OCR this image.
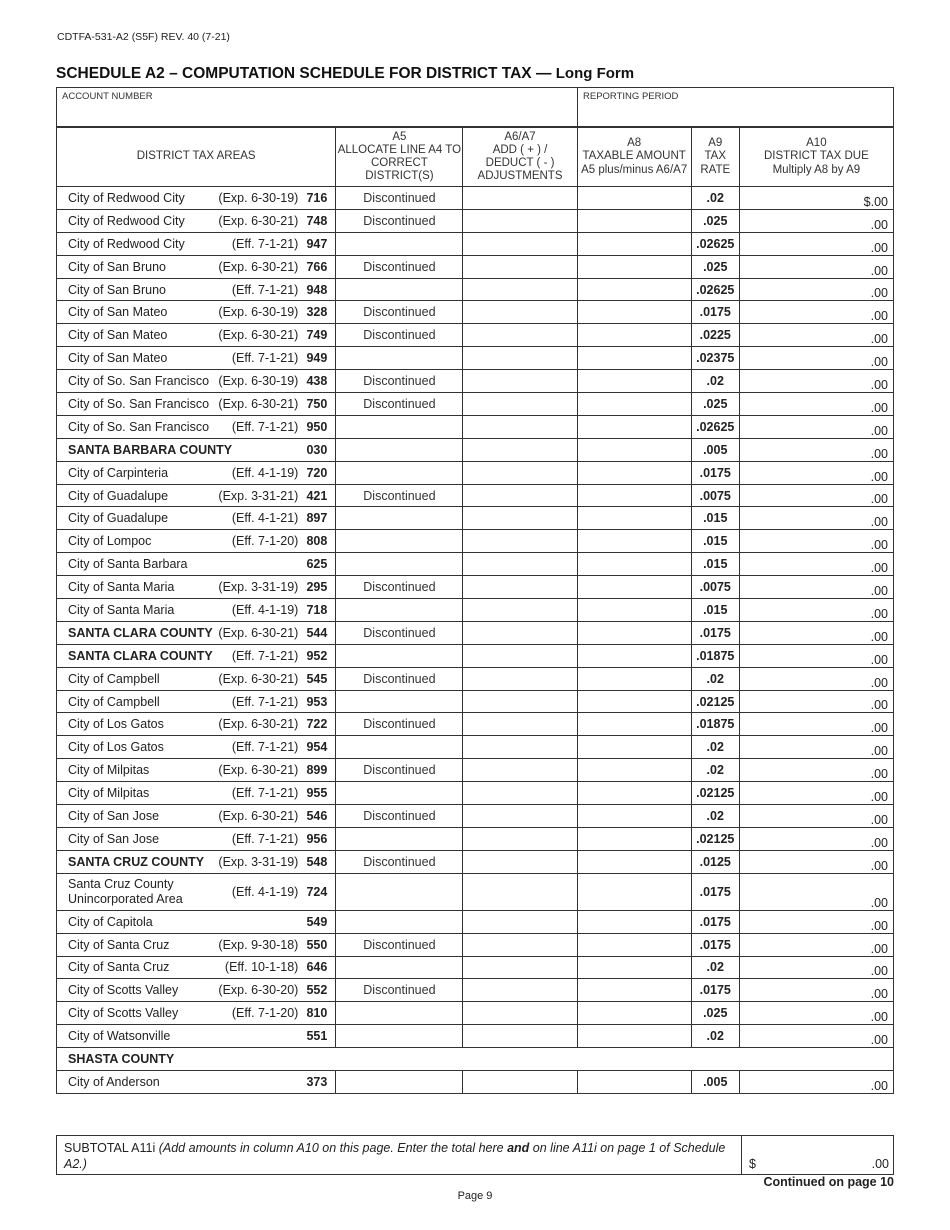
CDTFA-531-A2 (S5F) REV. 40 (7-21)
SCHEDULE A2 – COMPUTATION SCHEDULE FOR DISTRICT TAX — Long Form
ACCOUNT NUMBER	REPORTING PERIOD
DISTRICT TAX AREAS	A5
ALLOCATE LINE A4 TO
CORRECT DISTRICT(S)	A6/A7
ADD ( + ) /
DEDUCT ( - )
ADJUSTMENTS	A8
TAXABLE AMOUNT
A5 plus/minus A6/A7	A9
TAX
RATE	A10
DISTRICT TAX DUE
Multiply A8 by A9

City of Redwood City (Exp. 6-30-19) 716	Discontinued			.02	$.00

City of Redwood City (Exp. 6-30-21) 748	Discontinued			.025	.00

City of Redwood City (Eff. 7-1-21) 947				.02625	.00

City of San Bruno (Exp. 6-30-21) 766	Discontinued			.025	.00

City of San Bruno (Eff. 7-1-21) 948				.02625	.00

City of San Mateo (Exp. 6-30-19) 328	Discontinued			.0175	.00

City of San Mateo (Exp. 6-30-21) 749	Discontinued			.0225	.00

City of San Mateo (Eff. 7-1-21) 949				.02375	.00

City of So. San Francisco (Exp. 6-30-19) 438	Discontinued			.02	.00

City of So. San Francisco (Exp. 6-30-21) 750	Discontinued			.025	.00

City of So. San Francisco (Eff. 7-1-21) 950				.02625	.00

SANTA BARBARA COUNTY 030				.005	.00

City of Carpinteria (Eff. 4-1-19) 720				.0175	.00

City of Guadalupe (Exp. 3-31-21) 421	Discontinued			.0075	.00

City of Guadalupe (Eff. 4-1-21) 897				.015	.00

City of Lompoc (Eff. 7-1-20) 808				.015	.00

City of Santa Barbara 625				.015	.00

City of Santa Maria (Exp. 3-31-19) 295	Discontinued			.0075	.00

City of Santa Maria (Eff. 4-1-19) 718				.015	.00

SANTA CLARA COUNTY (Exp. 6-30-21) 544	Discontinued			.0175	.00

SANTA CLARA COUNTY (Eff. 7-1-21) 952				.01875	.00

City of Campbell (Exp. 6-30-21) 545	Discontinued			.02	.00

City of Campbell (Eff. 7-1-21) 953				.02125	.00

City of Los Gatos (Exp. 6-30-21) 722	Discontinued			.01875	.00

City of Los Gatos (Eff. 7-1-21) 954				.02	.00

City of Milpitas (Exp. 6-30-21) 899	Discontinued			.02	.00

City of Milpitas (Eff. 7-1-21) 955				.02125	.00

City of San Jose (Exp. 6-30-21) 546	Discontinued			.02	.00

City of San Jose (Eff. 7-1-21) 956				.02125	.00

SANTA CRUZ COUNTY (Exp. 3-31-19) 548	Discontinued			.0125	.00

Santa Cruz County
Unincorporated Area (Eff. 4-1-19) 724				.0175	.00

City of Capitola 549				.0175	.00

City of Santa Cruz (Exp. 9-30-18) 550	Discontinued			.0175	.00

City of Santa Cruz (Eff. 10-1-18) 646				.02	.00

City of Scotts Valley (Exp. 6-30-20) 552	Discontinued			.0175	.00

City of Scotts Valley (Eff. 7-1-20) 810				.025	.00

City of Watsonville 551				.02	.00

SHASTA COUNTY					

City of Anderson 373				.005	.00
SUBTOTAL A11i (Add amounts in column A10 on this page. Enter the total here and on line A11i on page 1 of Schedule A2.)	$	.00
Continued on page 10
Page 9
